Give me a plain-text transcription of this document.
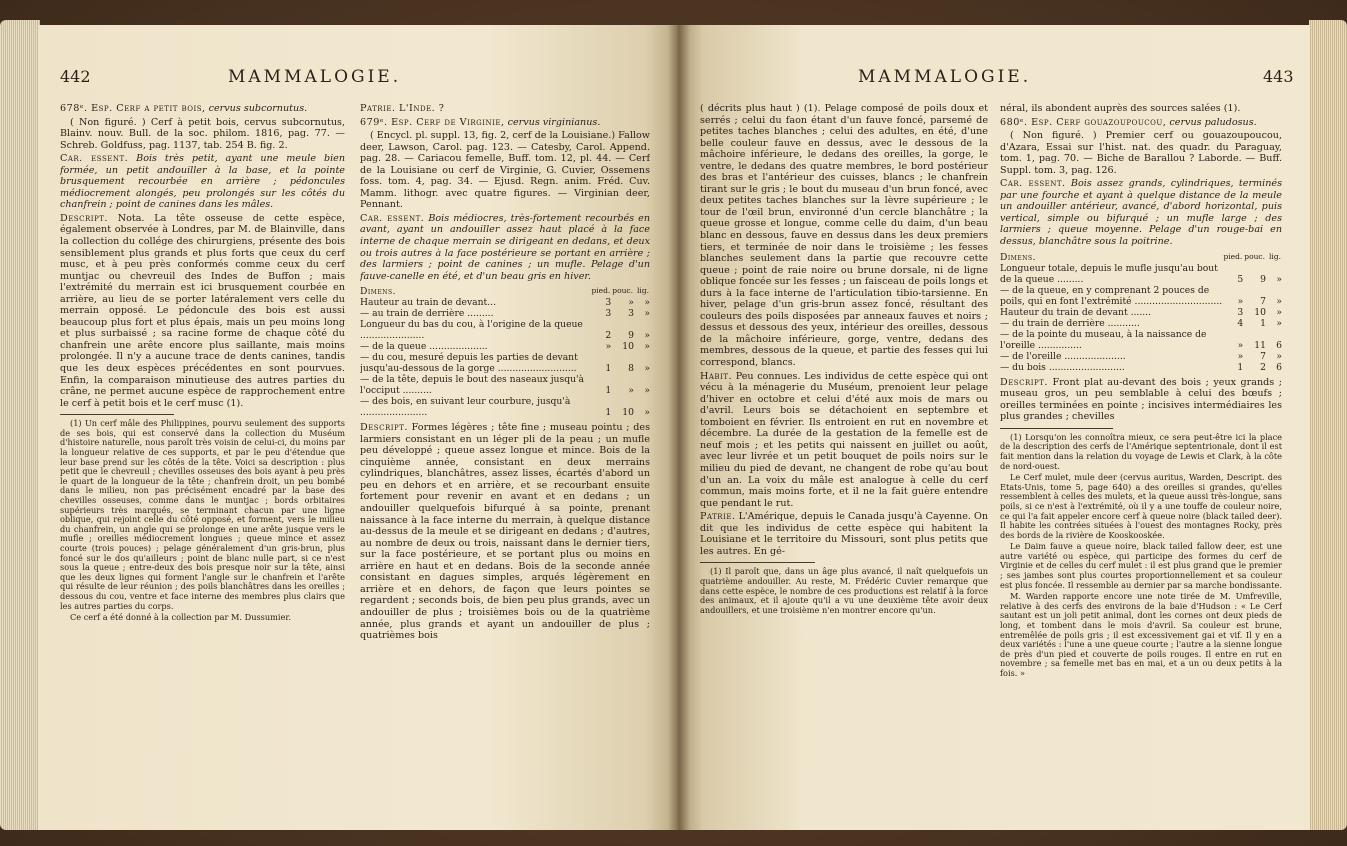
442	MAMMALOGIE.

678ᵉ. Esp. Cerf a petit bois, cervus subcornutus.

( Non figuré. ) Cerf à petit bois, cervus subcornutus, Blainv. nouv. Bull. de la soc. philom. 1816, pag. 77. — Schreb. Goldfuss, pag. 1137, tab. 254 B. fig. 2.

Car. essent. Bois très petit, ayant une meule bien formée, un petit andouiller à la base, et la pointe brusquement recourbée en arrière ; pédoncules médiocrement alongés, peu prolongés sur les côtés du chanfrein ; point de canines dans les mâles.

Descript. Nota. La tête osseuse de cette espèce, également observée à Londres, par M. de Blainville, dans la collection du collége des chirurgiens, présente des bois sensiblement plus grands et plus forts que ceux du cerf musc, et à peu près conformés comme ceux du cerf muntjac ou chevreuil des Indes de Buffon ; mais l'extrémité du merrain est ici brusquement courbée en arrière, au lieu de se porter latéralement vers celle du merrain opposé. Le pédoncule des bois est aussi beaucoup plus fort et plus épais, mais un peu moins long et plus surbaissé ; sa racine forme de chaque côté du chanfrein une arête encore plus saillante, mais moins prolongée. Il n'y a aucune trace de dents canines, tandis que les deux espèces précédentes en sont pourvues. Enfin, la comparaison minutieuse des autres parties du crâne, ne permet aucune espèce de rapprochement entre le cerf à petit bois et le cerf musc (1).

(1) Un cerf mâle des Philippines, pourvu seulement des supports de ses bois, qui est conservé dans la collection du Muséum d'histoire naturelle, nous paroît très voisin de celui-ci, du moins par la longueur relative de ces supports, et par le peu d'étendue que leur base prend sur les côtés de la tête. Voici sa description : plus petit que le chevreuil ; chevilles osseuses des bois ayant à peu près le quart de la longueur de la tête ; chanfrein droit, un peu bombé dans le milieu, non pas précisément encadré par la base des chevilles osseuses, comme dans le muntjac ; bords orbitaires supérieurs très marqués, se terminant chacun par une ligne oblique, qui rejoint celle du côté opposé, et forment, vers le milieu du chanfrein, un angle qui se prolonge en une arête jusque vers le mufle ; oreilles médiocrement longues ; queue mince et assez courte (trois pouces) ; pelage généralement d'un gris-brun, plus foncé sur le dos qu'ailleurs ; point de blanc nulle part, si ce n'est sous la queue ; entre-deux des bois presque noir sur la tête, ainsi que les deux lignes qui forment l'angle sur le chanfrein et l'arête qui résulte de leur réunion ; des poils blanchâtres dans les oreilles ; dessous du cou, ventre et face interne des membres plus clairs que les autres parties du corps.

Ce cerf a été donné à la collection par M. Dussumier.

Patrie. L'Inde. ?

679ᵉ. Esp. Cerf de Virginie, cervus virginianus.

( Encycl. pl. suppl. 13, fig. 2, cerf de la Louisiane.) Fallow deer, Lawson, Carol. pag. 123. — Catesby, Carol. Append. pag. 28. — Cariacou femelle, Buff. tom. 12, pl. 44. — Cerf de la Louisiane ou cerf de Virginie, G. Cuvier, Ossemens foss. tom. 4, pag. 34. — Ejusd. Regn. anim. Fréd. Cuv. Mamm. lithogr. avec quatre figures. — Virginian deer, Pennant.

Car. essent. Bois médiocres, très-fortement recourbés en avant, ayant un andouiller assez haut placé à la face interne de chaque merrain se dirigeant en dedans, et deux ou trois autres à la face postérieure se portant en arrière ; des larmiers ; point de canines ; un mufle. Pelage d'un fauve-canelle en été, et d'un beau gris en hiver.

Dimens.	pied.	pouc.	lig.
Hauteur au train de devant...	3	»	»
— au train de derrière .........	3	3	»
Longueur du bas du cou, à l'origine de la queue ......................	2	9	»
— de la queue ....................	»	10	»
— du cou, mesuré depuis les parties de devant jusqu'au-dessous de la gorge ...........................	1	8	»
— de la tête, depuis le bout des naseaux jusqu'à l'occiput ..........	1	»	»
— des bois, en suivant leur courbure, jusqu'à .......................	1	10	»

Descript. Formes légères ; tête fine ; museau pointu ; des larmiers consistant en un léger pli de la peau ; un mufle peu développé ; queue assez longue et mince. Bois de la cinquième année, consistant en deux merrains cylindriques, blanchâtres, assez lisses, écartés d'abord un peu en dehors et en arrière, et se recourbant ensuite fortement pour revenir en avant et en dedans ; un andouiller quelquefois bifurqué à sa pointe, prenant naissance à la face interne du merrain, à quelque distance au-dessus de la meule et se dirigeant en dedans ; d'autres, au nombre de deux ou trois, naissant dans le dernier tiers, sur la face postérieure, et se portant plus ou moins en arrière en haut et en dedans. Bois de la seconde année consistant en dagues simples, arqués légèrement en arrière et en dehors, de façon que leurs pointes se regardent ; seconds bois, de bien peu plus grands, avec un andouiller de plus ; troisièmes bois ou de la quatrième année, plus grands et ayant un andouiller de plus ; quatrièmes bois

MAMMALOGIE.	443

( décrits plus haut ) (1). Pelage composé de poils doux et serrés ; celui du faon étant d'un fauve foncé, parsemé de petites taches blanches ; celui des adultes, en été, d'une belle couleur fauve en dessus, avec le dessous de la mâchoire inférieure, le dedans des oreilles, la gorge, le ventre, le dedans des quatre membres, le bord postérieur des bras et l'antérieur des cuisses, blancs ; le chanfrein tirant sur le gris ; le bout du museau d'un brun foncé, avec deux petites taches blanches sur la lèvre supérieure ; le tour de l'œil brun, environné d'un cercle blanchâtre ; la queue grosse et longue, comme celle du daim, d'un beau blanc en dessous, fauve en dessus dans les deux premiers tiers, et terminée de noir dans le troisième ; les fesses blanches seulement dans la partie que recouvre cette queue ; point de raie noire ou brune dorsale, ni de ligne oblique foncée sur les fesses ; un faisceau de poils longs et durs à la face interne de l'articulation tibio-tarsienne. En hiver, pelage d'un gris-brun assez foncé, résultant des couleurs des poils disposées par anneaux fauves et noirs ; dessus et dessous des yeux, intérieur des oreilles, dessous de la mâchoire inférieure, gorge, ventre, dedans des membres, dessous de la queue, et partie des fesses qui lui correspond, blancs.

Habit. Peu connues. Les individus de cette espèce qui ont vécu à la ménagerie du Muséum, prenoient leur pelage d'hiver en octobre et celui d'été aux mois de mars ou d'avril. Leurs bois se détachoient en septembre et tomboient en février. Ils entroient en rut en novembre et décembre. La durée de la gestation de la femelle est de neuf mois ; et les petits qui naissent en juillet ou août, avec leur livrée et un petit bouquet de poils noirs sur le milieu du pied de devant, ne changent de robe qu'au bout d'un an. La voix du mâle est analogue à celle du cerf commun, mais moins forte, et il ne la fait guère entendre que pendant le rut.

Patrie. L'Amérique, depuis le Canada jusqu'à Cayenne. On dit que les individus de cette espèce qui habitent la Louisiane et le territoire du Missouri, sont plus petits que les autres. En gé-

(1) Il paroît que, dans un âge plus avancé, il naît quelquefois un quatrième andouiller. Au reste, M. Frédéric Cuvier remarque que dans cette espèce, le nombre de ces productions est relatif à la force des animaux, et il ajoute qu'il a vu une deuxième tête avoir deux andouillers, et une troisième n'en montrer encore qu'un.

néral, ils abondent auprès des sources salées (1).

680ᵉ. Esp. Cerf gouazoupoucou, cervus paludosus.

( Non figuré. ) Premier cerf ou gouazoupoucou, d'Azara, Essai sur l'hist. nat. des quadr. du Paraguay, tom. 1, pag. 70. — Biche de Barallou ? Laborde. — Buff. Suppl. tom. 3, pag. 126.

Car. essent. Bois assez grands, cylindriques, terminés par une fourche et ayant à quelque distance de la meule un andouiller antérieur, avancé, d'abord horizontal, puis vertical, simple ou bifurqué ; un mufle large ; des larmiers ; queue moyenne. Pelage d'un rouge-bai en dessus, blanchâtre sous la poitrine.

Dimens.	pied.	pouc.	lig.
Longueur totale, depuis le mufle jusqu'au bout de la queue .........	5	9	»
— de la queue, en y comprenant 2 pouces de poils, qui en font l'extrémité ..............................	»	7	»
Hauteur du train de devant .......	3	10	»
— du train de derrière ...........	4	1	»
— de la pointe du museau, à la naissance de l'oreille ...............	»	11	6
— de l'oreille .....................	»	7	»
— du bois ..........................	1	2	6

Descript. Front plat au-devant des bois ; yeux grands ; museau gros, un peu semblable à celui des bœufs ; oreilles terminées en pointe ; incisives intermédiaires les plus grandes ; chevilles

(1) Lorsqu'on les connoîtra mieux, ce sera peut-être ici la place de la description des cerfs de l'Amérique septentrionale, dont il est fait mention dans la relation du voyage de Lewis et Clark, à la côte de nord-ouest.

Le Cerf mulet, mule deer (cervus auritus, Warden, Descript. des Etats-Unis, tome 5, page 640) a des oreilles si grandes, qu'elles ressemblent à celles des mulets, et la queue aussi très-longue, sans poils, si ce n'est à l'extrémité, où il y a une touffe de couleur noire, ce qui l'a fait appeler encore cerf à queue noire (black tailed deer). Il habite les contrées situées à l'ouest des montagnes Rocky, près des bords de la rivière de Kooskooskée.

Le Daim fauve a queue noire, black tailed fallow deer, est une autre variété ou espèce, qui participe des formes du cerf de Virginie et de celles du cerf mulet : il est plus grand que le premier ; ses jambes sont plus courtes proportionnellement et sa couleur est plus foncée. Il ressemble au dernier par sa marche bondissante.

M. Warden rapporte encore une note tirée de M. Umfreville, relative à des cerfs des environs de la baie d'Hudson : « Le Cerf sautant est un joli petit animal, dont les cornes ont deux pieds de long, et tombent dans le mois d'avril. Sa couleur est brune, entremêlée de poils gris ; il est excessivement gai et vif. Il y en a deux variétés : l'une a une queue courte ; l'autre a la sienne longue de près d'un pied et couverte de poils rouges. Il entre en rut en novembre ; sa femelle met bas en mai, et a un ou deux petits à la fois. »
